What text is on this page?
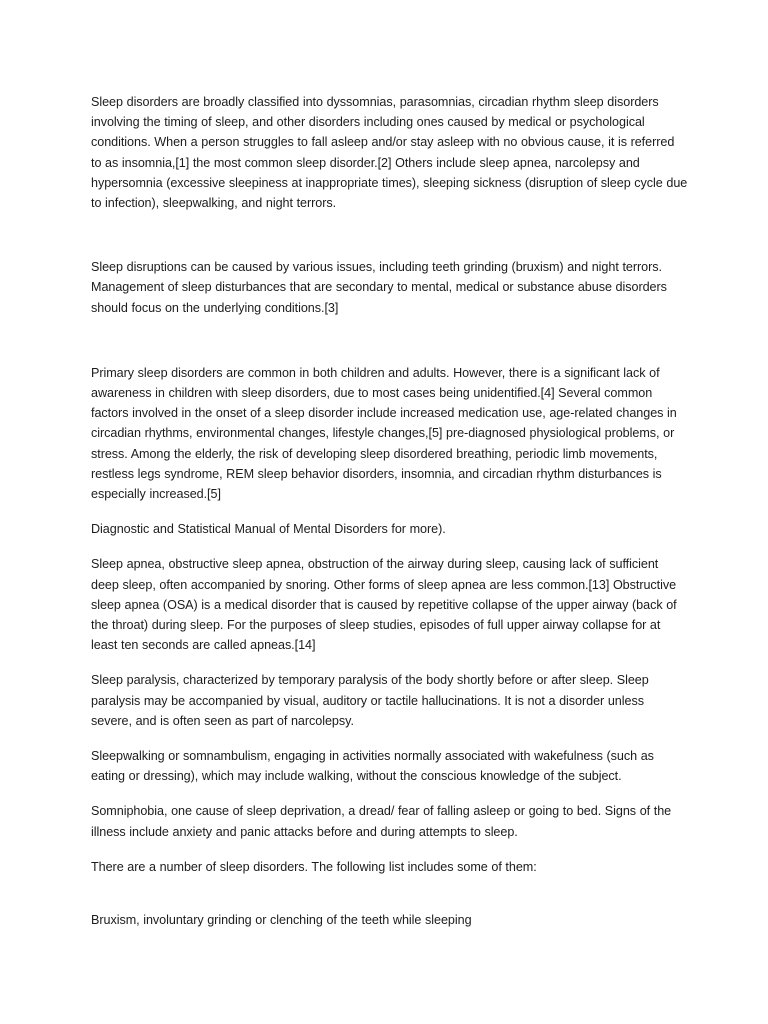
Sleep disorders are broadly classified into dyssomnias, parasomnias, circadian rhythm sleep disorders involving the timing of sleep, and other disorders including ones caused by medical or psychological conditions. When a person struggles to fall asleep and/or stay asleep with no obvious cause, it is referred to as insomnia,[1] the most common sleep disorder.[2] Others include sleep apnea, narcolepsy and hypersomnia (excessive sleepiness at inappropriate times), sleeping sickness (disruption of sleep cycle due to infection), sleepwalking, and night terrors.

Sleep disruptions can be caused by various issues, including teeth grinding (bruxism) and night terrors. Management of sleep disturbances that are secondary to mental, medical or substance abuse disorders should focus on the underlying conditions.[3]

Primary sleep disorders are common in both children and adults. However, there is a significant lack of awareness in children with sleep disorders, due to most cases being unidentified.[4] Several common factors involved in the onset of a sleep disorder include increased medication use, age-related changes in circadian rhythms, environmental changes, lifestyle changes,[5] pre-diagnosed physiological problems, or stress. Among the elderly, the risk of developing sleep disordered breathing, periodic limb movements, restless legs syndrome, REM sleep behavior disorders, insomnia, and circadian rhythm disturbances is especially increased.[5]

Diagnostic and Statistical Manual of Mental Disorders for more).

Sleep apnea, obstructive sleep apnea, obstruction of the airway during sleep, causing lack of sufficient deep sleep, often accompanied by snoring. Other forms of sleep apnea are less common.[13] Obstructive sleep apnea (OSA) is a medical disorder that is caused by repetitive collapse of the upper airway (back of the throat) during sleep. For the purposes of sleep studies, episodes of full upper airway collapse for at least ten seconds are called apneas.[14]

Sleep paralysis, characterized by temporary paralysis of the body shortly before or after sleep. Sleep paralysis may be accompanied by visual, auditory or tactile hallucinations. It is not a disorder unless severe, and is often seen as part of narcolepsy.

Sleepwalking or somnambulism, engaging in activities normally associated with wakefulness (such as eating or dressing), which may include walking, without the conscious knowledge of the subject.

Somniphobia, one cause of sleep deprivation, a dread/ fear of falling asleep or going to bed. Signs of the illness include anxiety and panic attacks before and during attempts to sleep.

There are a number of sleep disorders. The following list includes some of them:

Bruxism, involuntary grinding or clenching of the teeth while sleeping
